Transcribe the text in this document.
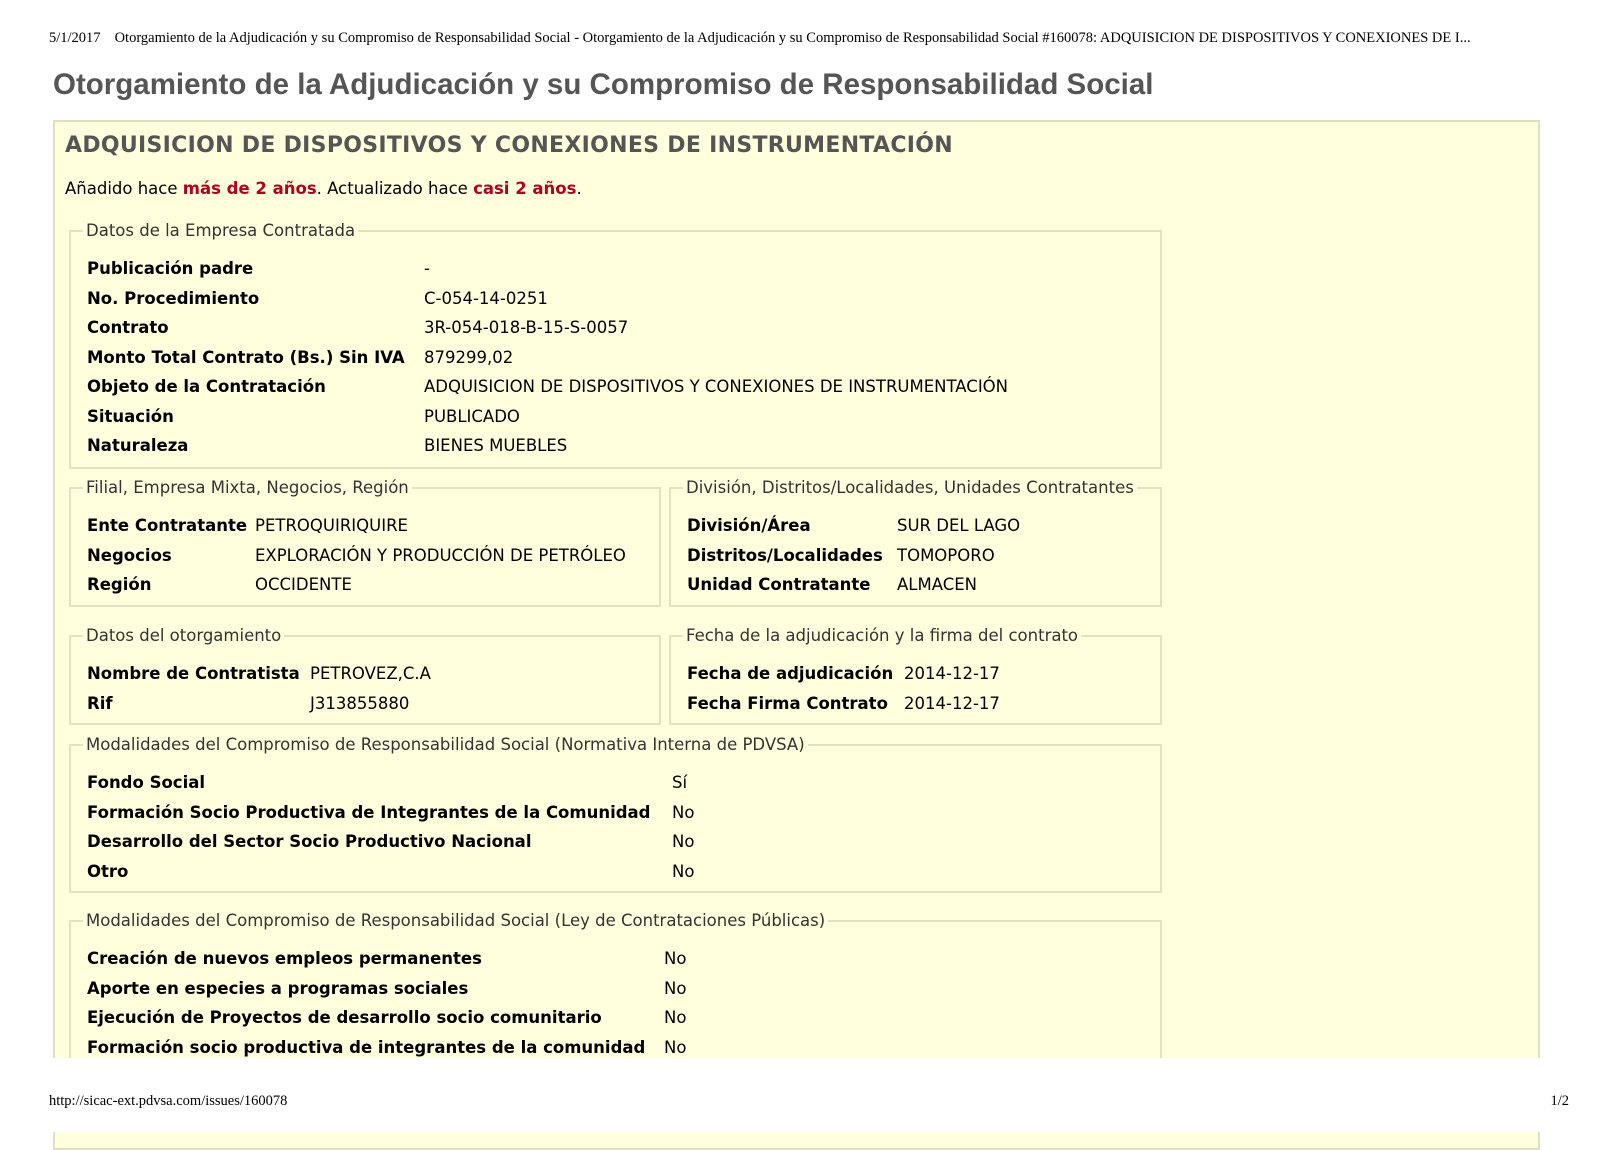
5/1/2017 Otorgamiento de la Adjudicación y su Compromiso de Responsabilidad Social - Otorgamiento de la Adjudicación y su Compromiso de Responsabilidad Social #160078: ADQUISICION DE DISPOSITIVOS Y CONEXIONES DE I...
Otorgamiento de la Adjudicación y su Compromiso de Responsabilidad Social
ADQUISICION DE DISPOSITIVOS Y CONEXIONES DE INSTRUMENTACIÓN
Añadido hace más de 2 años. Actualizado hace casi 2 años.
Datos de la Empresa Contratada
Publicación padre	-
No. Procedimiento	C-054-14-0251
Contrato	3R-054-018-B-15-S-0057
Monto Total Contrato (Bs.) Sin IVA 879299,02
Objeto de la Contratación	ADQUISICION DE DISPOSITIVOS Y CONEXIONES DE INSTRUMENTACIÓN
Situación	PUBLICADO
Naturaleza	BIENES MUEBLES
Filial, Empresa Mixta, Negocios, Región
Ente Contratante PETROQUIRIQUIRE
Negocios	EXPLORACIÓN Y PRODUCCIÓN DE PETRÓLEO
Región	OCCIDENTE
División, Distritos/Localidades, Unidades Contratantes
División/Área	SUR DEL LAGO
Distritos/Localidades TOMOPORO
Unidad Contratante ALMACEN
Datos del otorgamiento
Nombre de Contratista PETROVEZ,C.A
Rif	J313855880
Fecha de la adjudicación y la firma del contrato
Fecha de adjudicación 2014-12-17
Fecha Firma Contrato 2014-12-17
Modalidades del Compromiso de Responsabilidad Social (Normativa Interna de PDVSA)
Fondo Social	Sí
Formación Socio Productiva de Integrantes de la Comunidad No
Desarrollo del Sector Socio Productivo Nacional	No
Otro	No
Modalidades del Compromiso de Responsabilidad Social (Ley de Contrataciones Públicas)
Creación de nuevos empleos permanentes	No
Aporte en especies a programas sociales	No
Ejecución de Proyectos de desarrollo socio comunitario	No
Formación socio productiva de integrantes de la comunidad No
http://sicac-ext.pdvsa.com/issues/160078	1/2
